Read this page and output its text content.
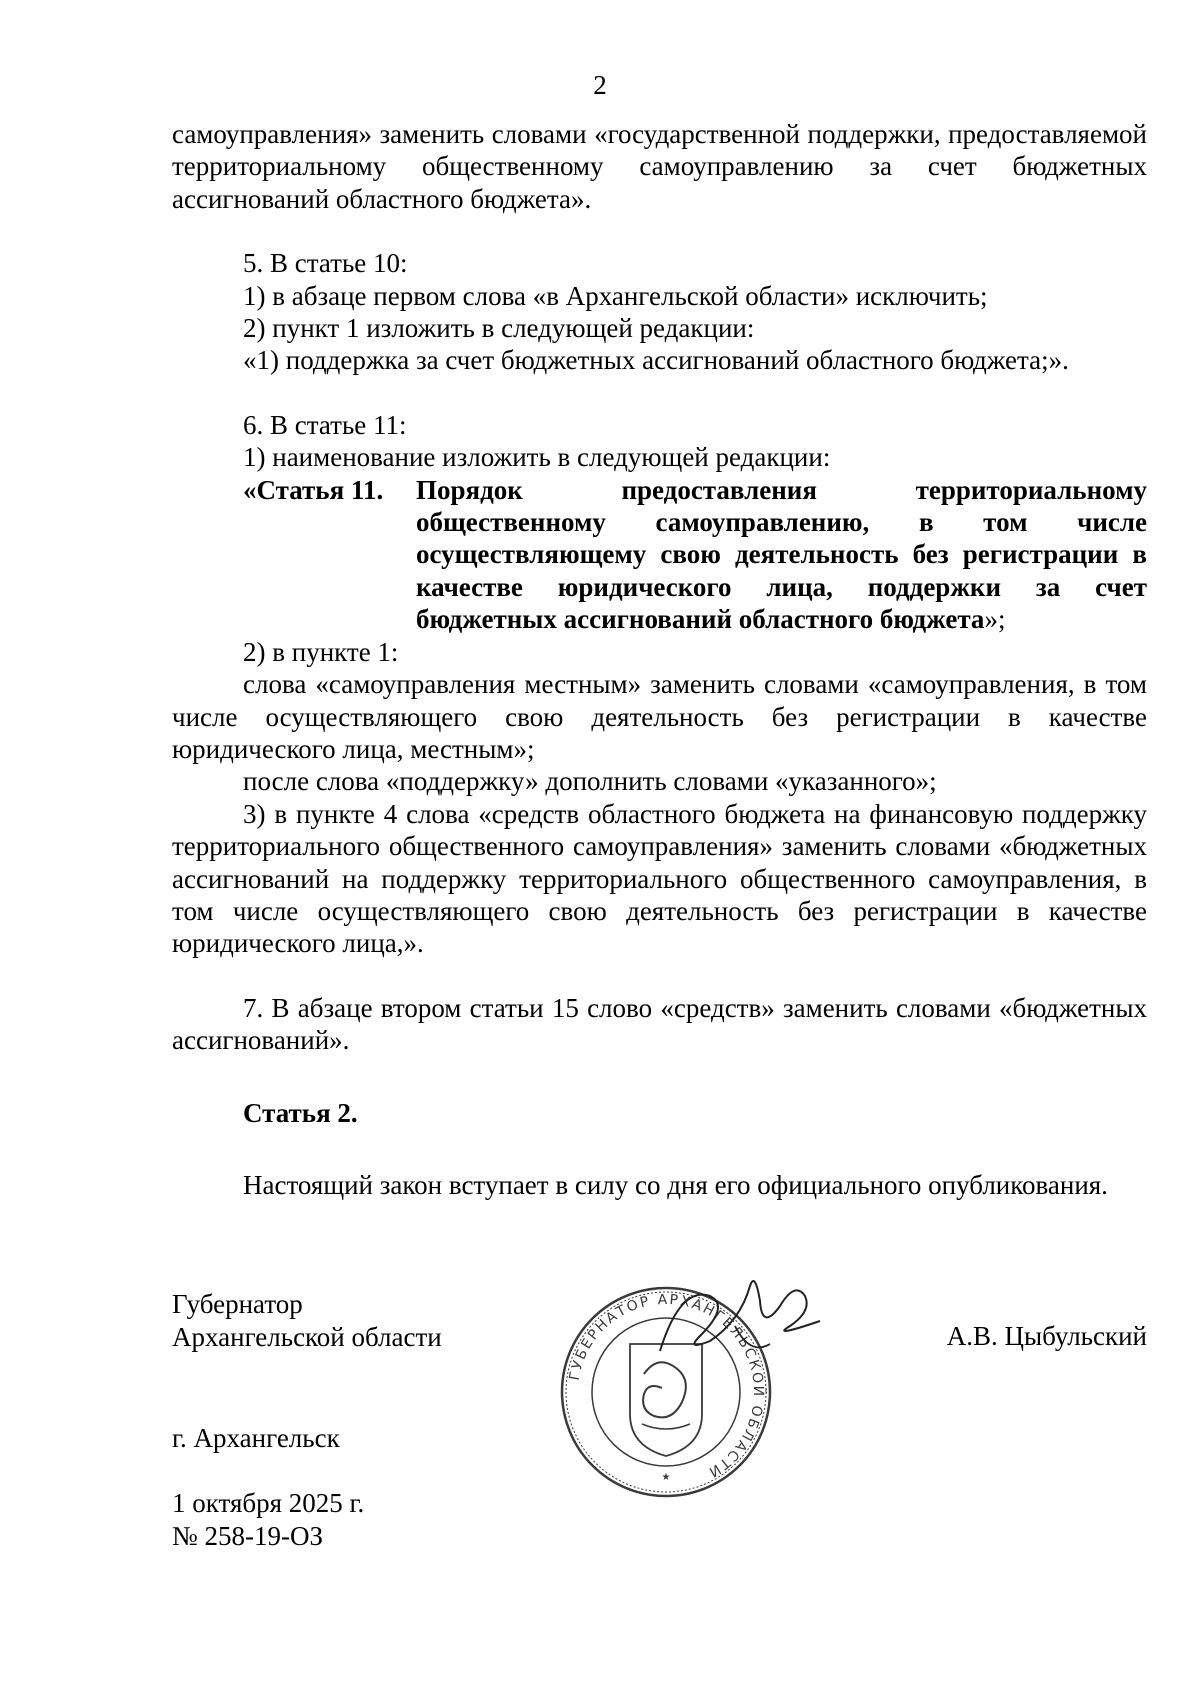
2

самоуправления» заменить словами «государственной поддержки, предоставляемой территориальному общественному самоуправлению за счет бюджетных ассигнований областного бюджета».

5. В статье 10:

1) в абзаце первом слова «в Архангельской области» исключить;

2) пункт 1 изложить в следующей редакции:

«1) поддержка за счет бюджетных ассигнований областного бюджета;».

6. В статье 11:

1) наименование изложить в следующей редакции:

«Статья 11.	Порядок предоставления территориальному общественному самоуправлению, в том числе осуществляющему свою деятельность без регистрации в качестве юридического лица, поддержки за счет бюджетных ассигнований областного бюджета»;

2) в пункте 1:

слова «самоуправления местным» заменить словами «самоуправления, в том числе осуществляющего свою деятельность без регистрации в качестве юридического лица, местным»;

после слова «поддержку» дополнить словами «указанного»;

3) в пункте 4 слова «средств областного бюджета на финансовую поддержку территориального общественного самоуправления» заменить словами «бюджетных ассигнований на поддержку территориального общественного самоуправления, в том числе осуществляющего свою деятельность без регистрации в качестве юридического лица,».

7. В абзаце втором статьи 15 слово «средств» заменить словами «бюджетных ассигнований».

Статья 2.

Настоящий закон вступает в силу со дня его официального опубликования.

Губернатор
Архангельской области	А.В. Цыбульский
ГУБЕРНАТОР АРХАНГЕЛЬСКОЙ ОБЛАСТИ
★
г. Архангельск
1 октября 2025 г.
№ 258-19-ОЗ
